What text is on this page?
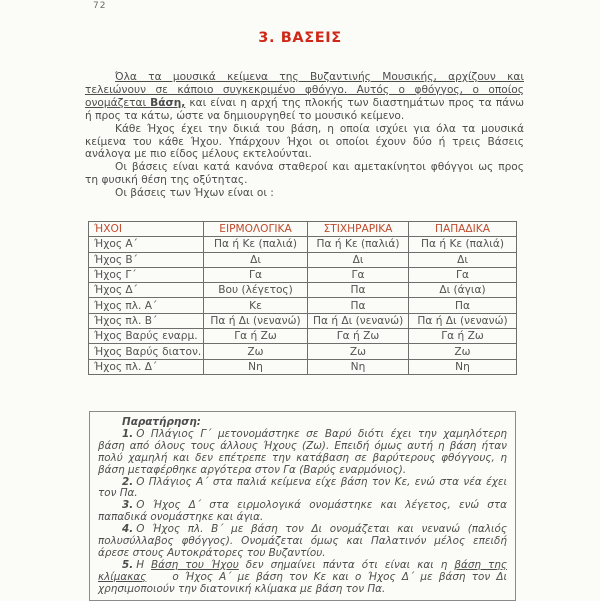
72
3. ΒΑΣΕΙΣ

Όλα τα μουσικά κείμενα της Βυζαντινής Μουσικής, αρχίζουν και τελειώνουν σε κάποιο συγκεκριμένο φθόγγο. Αυτός ο φθόγγος, ο οποίος ονομάζεται Βάση, και είναι η αρχή της πλοκής των διαστημάτων προς τα πάνω ή προς τα κάτω, ώστε να δημιουργηθεί το μουσικό κείμενο.

Κάθε Ήχος έχει την δικιά του βάση, η οποία ισχύει για όλα τα μουσικά κείμενα του κάθε Ήχου. Υπάρχουν Ήχοι οι οποίοι έχουν δύο ή τρεις Βάσεις ανάλογα με πιο είδος μέλους εκτελούνται.

Οι βάσεις είναι κατά κανόνα σταθεροί και αμετακίνητοι φθόγγοι ως προς τη φυσική θέση της οξύτητας.

Οι βάσεις των Ήχων είναι οι :

ΉΧΟΙ	ΕΙΡΜΟΛΟΓΙΚΑ	ΣΤΙΧΗΡΑΡΙΚΑ	ΠΑΠΑΔΙΚΑ
Ήχος Α΄	Πα ή Κε (παλιά)	Πα ή Κε (παλιά)	Πα ή Κε (παλιά)
Ήχος Β΄	Δι	Δι	Δι
Ήχος Γ΄	Γα	Γα	Γα
Ήχος Δ΄	Βου (λέγετος)	Πα	Δι (άγια)
Ήχος πλ. Α΄	Κε	Πα	Πα
Ήχος πλ. Β΄	Πα ή Δι (νενανώ)	Πα ή Δι (νενανώ)	Πα ή Δι (νενανώ)
Ήχος Βαρύς εναρμ.	Γα ή Ζω	Γα ή Ζω	Γα ή Ζω
Ήχος Βαρύς διατον.	Ζω	Ζω	Ζω
Ήχος πλ. Δ΄	Νη	Νη	Νη

Παρατήρηση:

1. Ο Πλάγιος Γ΄ μετονομάστηκε σε Βαρύ διότι έχει την χαμηλότερη βάση από όλους τους άλλους Ήχους (Ζω). Επειδή όμως αυτή η βάση ήταν πολύ χαμηλή και δεν επέτρεπε την κατάβαση σε βαρύτερους φθόγγους, η βάση μεταφέρθηκε αργότερα στον Γα (Βαρύς εναρμόνιος).

2. Ο Πλάγιος Α΄ στα παλιά κείμενα είχε βάση τον Κε, ενώ στα νέα έχει τον Πα.

3. Ο Ήχος Δ΄ στα ειρμολογικά ονομάστηκε και λέγετος, ενώ στα παπαδικά ονομάστηκε και άγια.

4. Ο Ήχος πλ. Β΄ με βάση τον Δι ονομάζεται και νενανώ (παλιός πολυσύλλαβος φθόγγος). Ονομάζεται όμως και Παλατινόν μέλος επειδή άρεσε στους Αυτοκράτορες του Βυζαντίου.

5. Η Βάση του Ήχου δεν σημαίνει πάντα ότι είναι και η βάση της κλίμακας	ο Ήχος Α΄ με βάση τον Κε και ο Ήχος Δ΄ με βάση τον Δι χρησιμοποιούν την διατονική κλίμακα με βάση τον Πα.
